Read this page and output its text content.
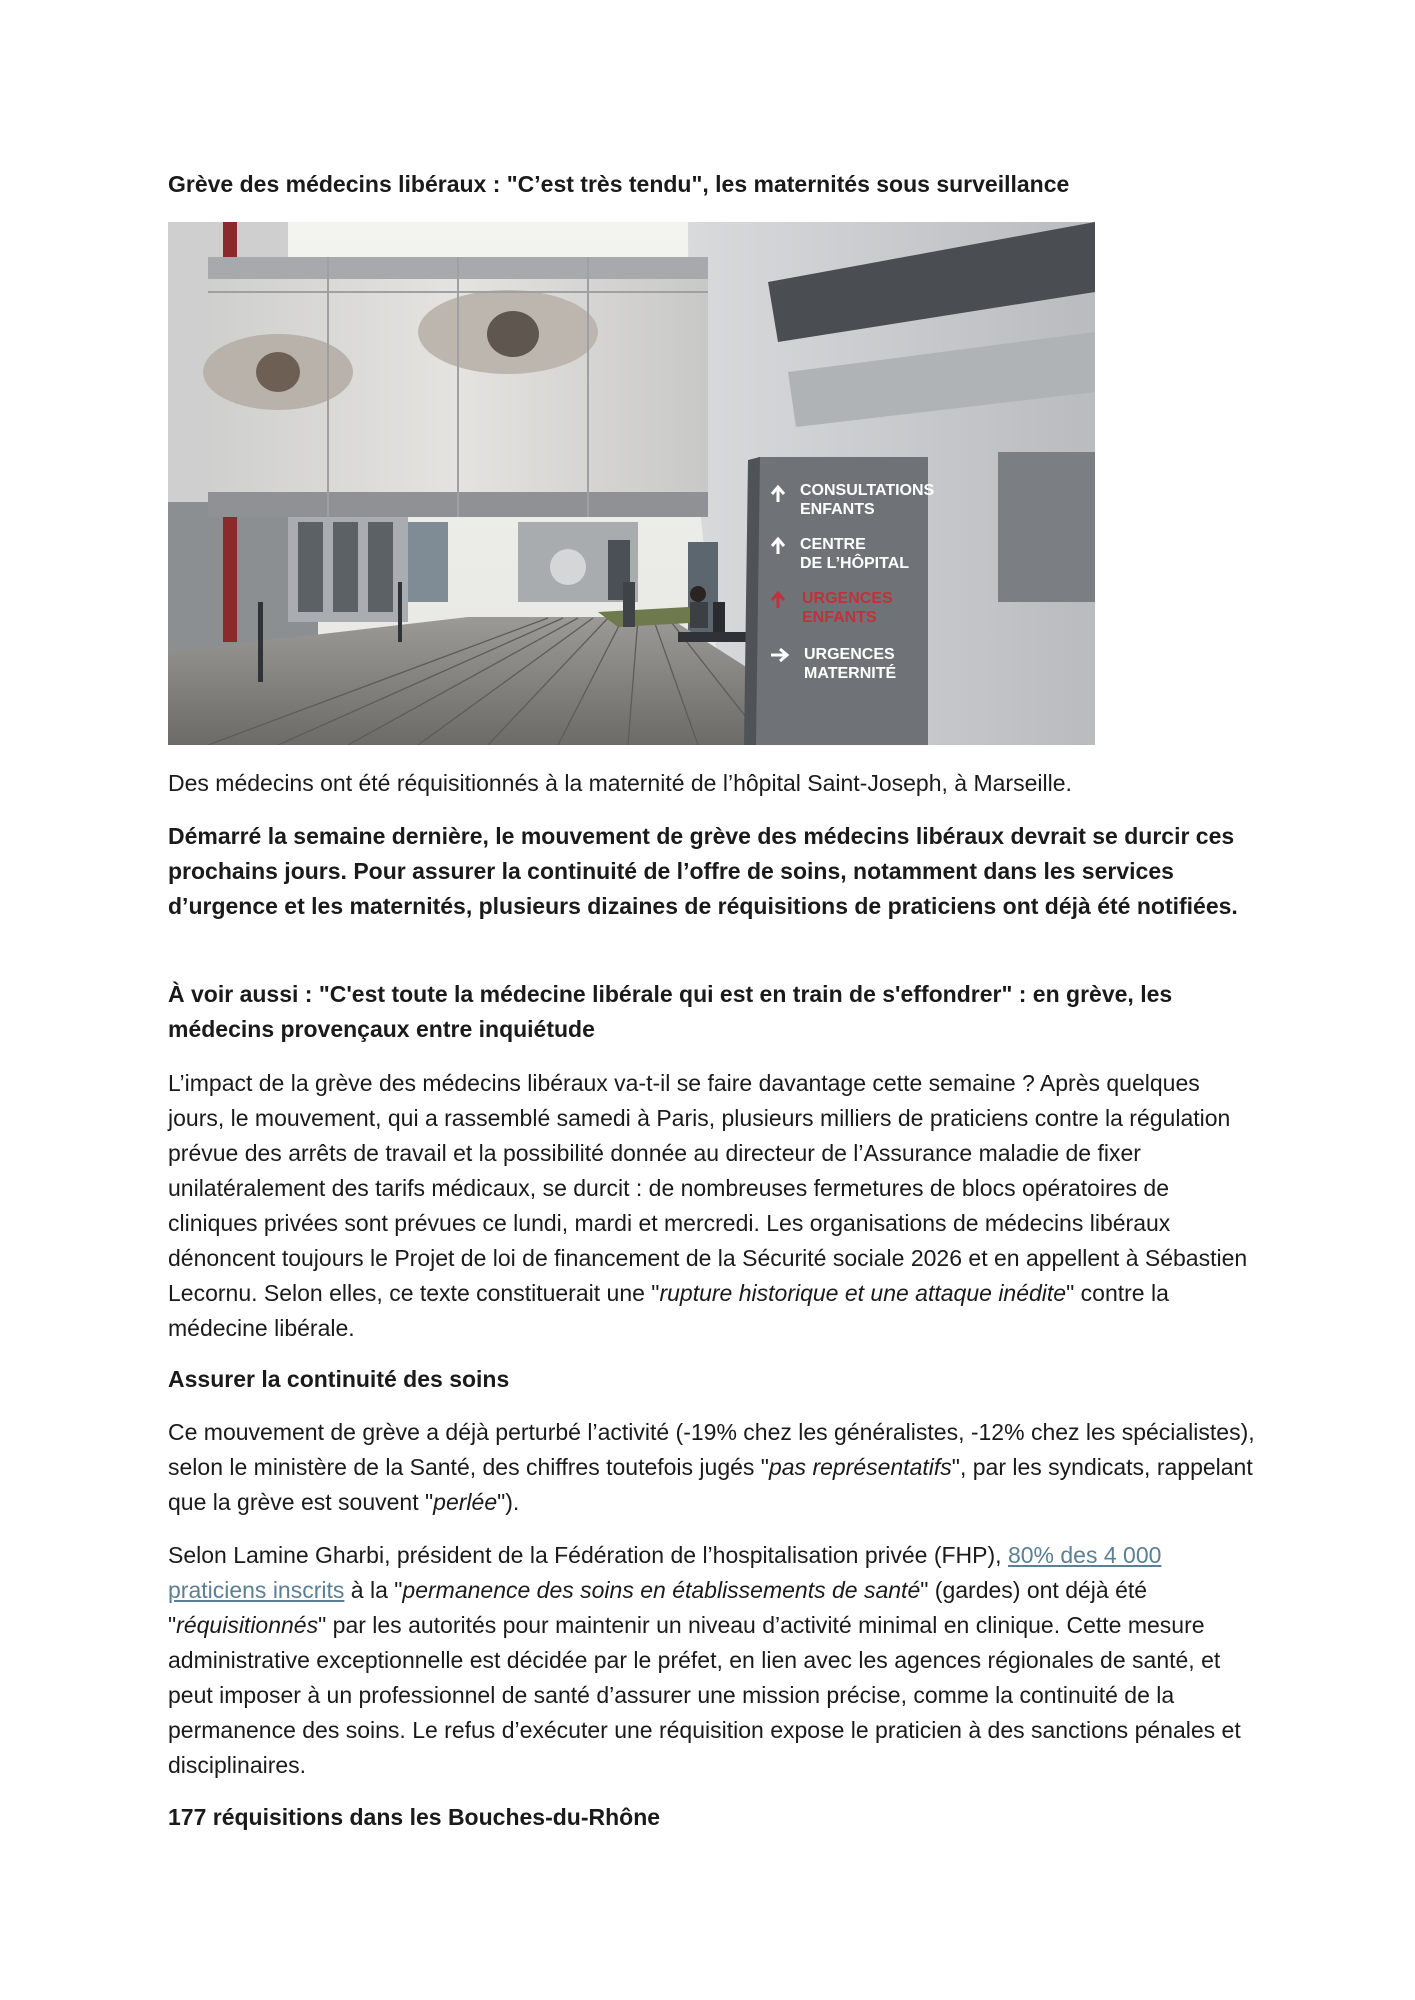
Grève des médecins libéraux : "C’est très tendu", les maternités sous surveillance
CONSULTATIONS
ENFANTS
CENTRE
DE L’HÔPITAL
URGENCES
ENFANTS
URGENCES
MATERNITÉ

Des médecins ont été réquisitionnés à la maternité de l’hôpital Saint-Joseph, à Marseille.

Démarré la semaine dernière, le mouvement de grève des médecins libéraux devrait se durcir ces prochains jours. Pour assurer la continuité de l’offre de soins, notamment dans les services d’urgence et les maternités, plusieurs dizaines de réquisitions de praticiens ont déjà été notifiées.

À voir aussi : "C'est toute la médecine libérale qui est en train de s'effondrer" : en grève, les médecins provençaux entre inquiétude

L’impact de la grève des médecins libéraux va-t-il se faire davantage cette semaine ? Après quelques jours, le mouvement, qui a rassemblé samedi à Paris, plusieurs milliers de praticiens contre la régulation prévue des arrêts de travail et la possibilité donnée au directeur de l’Assurance maladie de fixer unilatéralement des tarifs médicaux, se durcit : de nombreuses fermetures de blocs opératoires de cliniques privées sont prévues ce lundi, mardi et mercredi. Les organisations de médecins libéraux dénoncent toujours le Projet de loi de financement de la Sécurité sociale 2026 et en appellent à Sébastien Lecornu. Selon elles, ce texte constituerait une "rupture historique et une attaque inédite" contre la médecine libérale.

Assurer la continuité des soins

Ce mouvement de grève a déjà perturbé l’activité (-19% chez les généralistes, -12% chez les spécialistes), selon le ministère de la Santé, des chiffres toutefois jugés "pas représentatifs", par les syndicats, rappelant que la grève est souvent "perlée").

Selon Lamine Gharbi, président de la Fédération de l’hospitalisation privée (FHP), 80% des 4 000 praticiens inscrits à la "permanence des soins en établissements de santé" (gardes) ont déjà été "réquisitionnés" par les autorités pour maintenir un niveau d’activité minimal en clinique. Cette mesure administrative exceptionnelle est décidée par le préfet, en lien avec les agences régionales de santé, et peut imposer à un professionnel de santé d’assurer une mission précise, comme la continuité de la permanence des soins. Le refus d’exécuter une réquisition expose le praticien à des sanctions pénales et disciplinaires.

177 réquisitions dans les Bouches-du-Rhône
